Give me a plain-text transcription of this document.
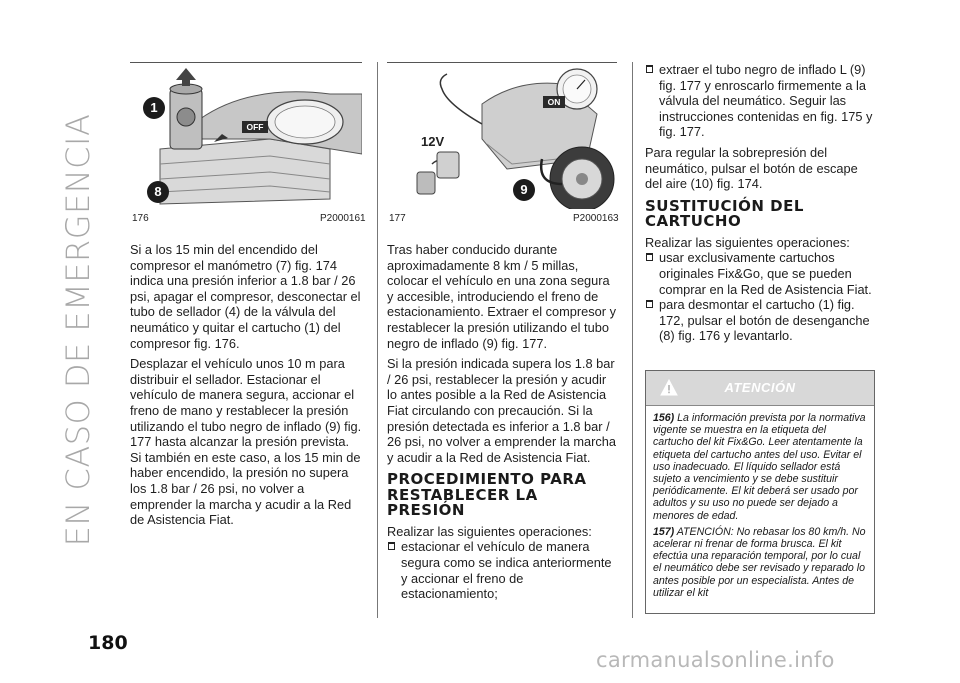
EN CASO DE EMERGENCIA
1
8
OFF
176	P2000161
12V
ON
9
177	P2000163

Si a los 15 min del encendido del compresor el manómetro (7) fig. 174 indica una presión inferior a 1.8 bar / 26 psi, apagar el compresor, desconectar el tubo de sellador (4) de la válvula del neumático y quitar el cartucho (1) del compresor fig. 176.

Desplazar el vehículo unos 10 m para distribuir el sellador. Estacionar el vehículo de manera segura, accionar el freno de mano y restablecer la presión utilizando el tubo negro de inflado (9) fig. 177 hasta alcanzar la presión prevista. Si también en este caso, a los 15 min de haber encendido, la presión no supera los 1.8 bar / 26 psi, no volver a emprender la marcha y acudir a la Red de Asistencia Fiat.

Tras haber conducido durante aproximadamente 8 km / 5 millas, colocar el vehículo en una zona segura y accesible, introduciendo el freno de estacionamiento. Extraer el compresor y restablecer la presión utilizando el tubo negro de inflado (9) fig. 177.

Si la presión indicada supera los 1.8 bar / 26 psi, restablecer la presión y acudir lo antes posible a la Red de Asistencia Fiat circulando con precaución. Si la presión detectada es inferior a 1.8 bar / 26 psi, no volver a emprender la marcha y acudir a la Red de Asistencia Fiat.

PROCEDIMIENTO PARA RESTABLECER LA PRESIÓN

Realizar las siguientes operaciones:

estacionar el vehículo de manera segura como se indica anteriormente y accionar el freno de estacionamiento;
extraer el tubo negro de inflado L (9) fig. 177 y enroscarlo firmemente a la válvula del neumático. Seguir las instrucciones contenidas en fig. 175 y fig. 177.

Para regular la sobrepresión del neumático, pulsar el botón de escape del aire (10) fig. 174.

SUSTITUCIÓN DEL CARTUCHO

Realizar las siguientes operaciones:

usar exclusivamente cartuchos originales Fix&Go, que se pueden comprar en la Red de Asistencia Fiat.
para desmontar el cartucho (1) fig. 172, pulsar el botón de desenganche (8) fig. 176 y levantarlo.
ATENCIÓN

156) La información prevista por la normativa vigente se muestra en la etiqueta del cartucho del kit Fix&Go. Leer atentamente la etiqueta del cartucho antes del uso. Evitar el uso inadecuado. El líquido sellador está sujeto a vencimiento y se debe sustituir periódicamente. El kit deberá ser usado por adultos y su uso no puede ser dejado a menores de edad.

157) ATENCIÓN: No rebasar los 80 km/h. No acelerar ni frenar de forma brusca. El kit efectúa una reparación temporal, por lo cual el neumático debe ser revisado y reparado lo antes posible por un especialista. Antes de utilizar el kit

180
carmanualsonline.info
